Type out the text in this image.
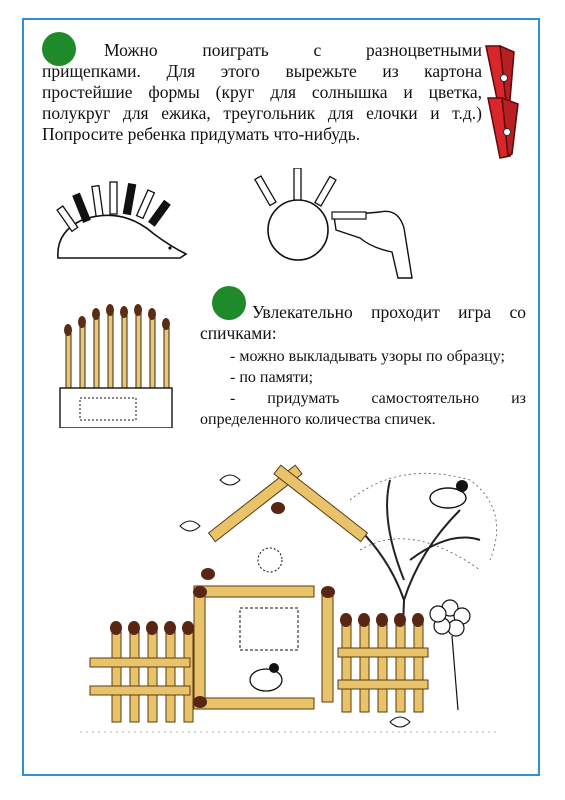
Можно поиграть с разноцветными
прищепками. Для этого вырежьте из картона
простейшие формы (круг для солнышка и цветка,
полукруг для ежика, треугольник для елочки и т.д.)
Попросите ребенка придумать что-нибудь.
Увлекательно проходит игра со
спичками:
- можно выкладывать узоры по образцу;
- по памяти;
- придумать самостоятельно из
определенного количества спичек.
